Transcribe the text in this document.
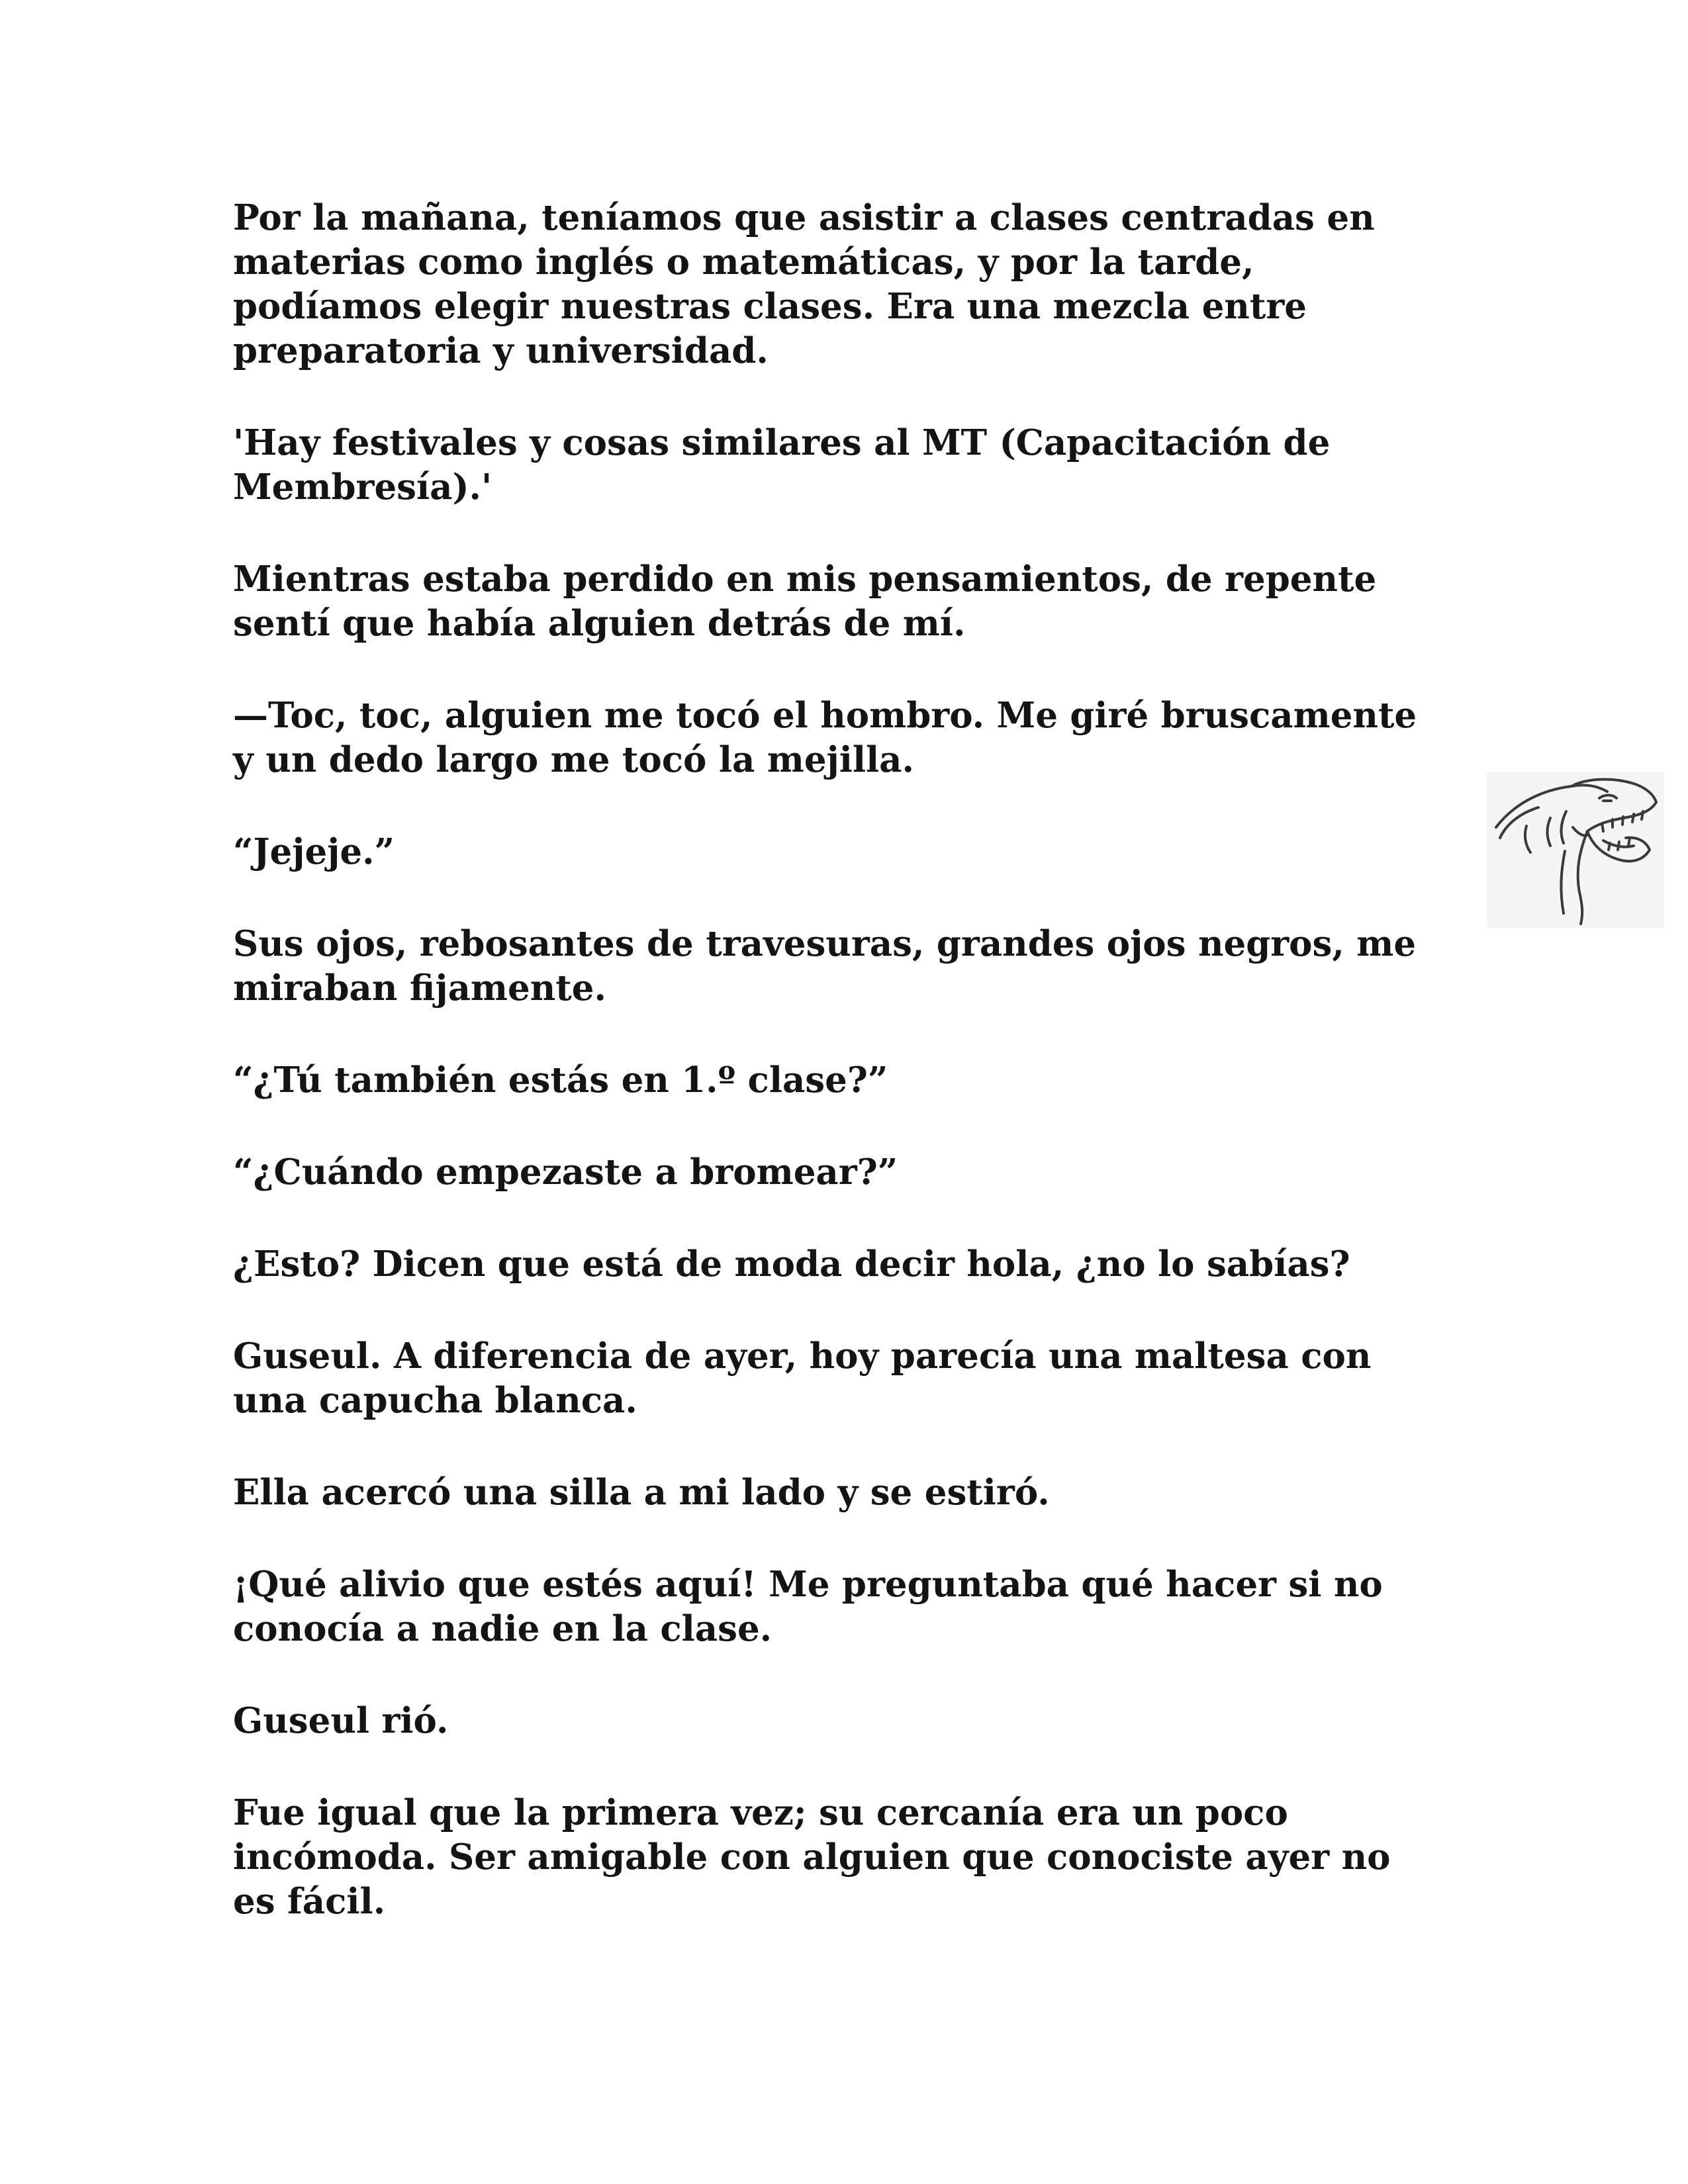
Por la mañana, teníamos que asistir a clases centradas en materias como inglés o matemáticas, y por la tarde, podíamos elegir nuestras clases. Era una mezcla entre preparatoria y universidad.

'Hay festivales y cosas similares al MT (Capacitación de Membresía).'

Mientras estaba perdido en mis pensamientos, de repente sentí que había alguien detrás de mí.

—Toc, toc, alguien me tocó el hombro. Me giré bruscamente y un dedo largo me tocó la mejilla.

“Jejeje.”

Sus ojos, rebosantes de travesuras, grandes ojos negros, me miraban fijamente.

“¿Tú también estás en 1.º clase?”

“¿Cuándo empezaste a bromear?”

¿Esto? Dicen que está de moda decir hola, ¿no lo sabías?

Guseul. A diferencia de ayer, hoy parecía una maltesa con una capucha blanca.

Ella acercó una silla a mi lado y se estiró.

¡Qué alivio que estés aquí! Me preguntaba qué hacer si no conocía a nadie en la clase.

Guseul rió.

Fue igual que la primera vez; su cercanía era un poco incómoda. Ser amigable con alguien que conociste ayer no es fácil.
